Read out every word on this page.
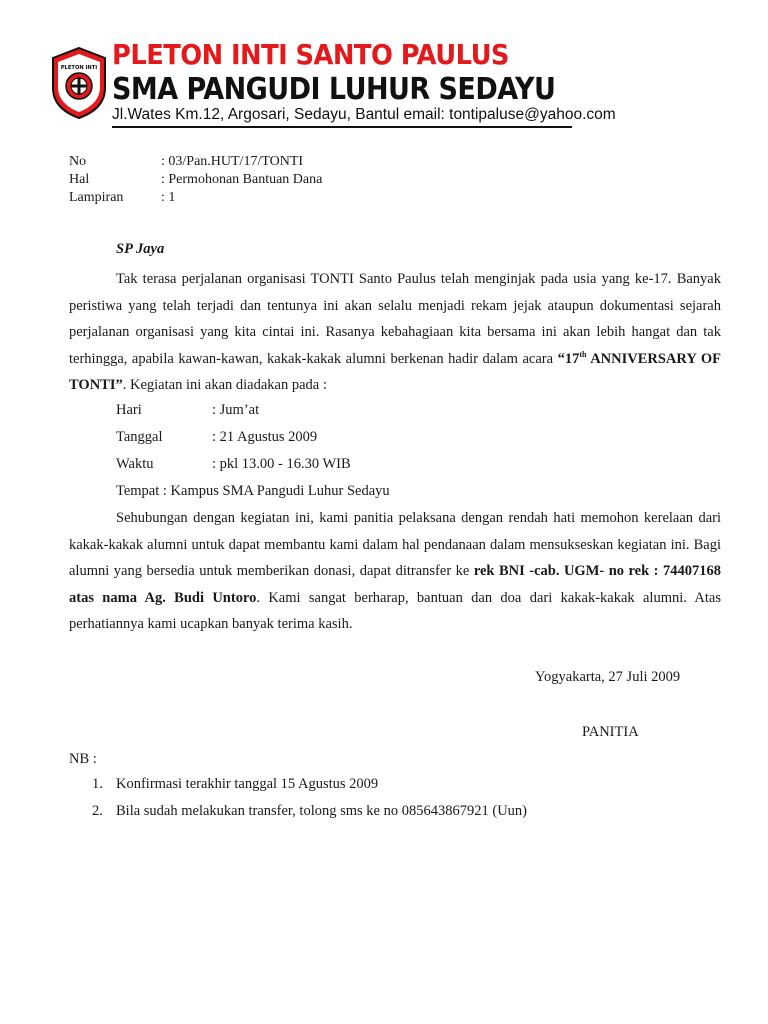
PLETON INTI PLETON INTI SANTO PAULUS
SMA PANGUDI LUHUR SEDAYU
Jl.Wates Km.12, Argosari, Sedayu, Bantul email: tontipaluse@yahoo.com
No	: 03/Pan.HUT/17/TONTI
Hal	: Permohonan Bantuan Dana
Lampiran	: 1
SP Jaya

Tak terasa perjalanan organisasi TONTI Santo Paulus telah menginjak pada usia yang ke-17. Banyak peristiwa yang telah terjadi dan tentunya ini akan selalu menjadi rekam jejak ataupun dokumentasi sejarah perjalanan organisasi yang kita cintai ini. Rasanya kebahagiaan kita bersama ini akan lebih hangat dan tak terhingga, apabila kawan-kawan, kakak-kakak alumni berkenan hadir dalam acara “17th ANNIVERSARY OF TONTI”. Kegiatan ini akan diadakan pada :

Hari	: Jum’at
Tanggal	: 21 Agustus 2009
Waktu	: pkl 13.00 - 16.30 WIB
Tempat : Kampus SMA Pangudi Luhur Sedayu

Sehubungan dengan kegiatan ini, kami panitia pelaksana dengan rendah hati memohon kerelaan dari kakak-kakak alumni untuk dapat membantu kami dalam hal pendanaan dalam mensukseskan kegiatan ini. Bagi alumni yang bersedia untuk memberikan donasi, dapat ditransfer ke rek BNI -cab. UGM- no rek : 74407168 atas nama Ag. Budi Untoro. Kami sangat berharap, bantuan dan doa dari kakak-kakak alumni. Atas perhatiannya kami ucapkan banyak terima kasih.

Yogyakarta, 27 Juli 2009
PANITIA
NB :
1. Konfirmasi terakhir tanggal 15 Agustus 2009
2. Bila sudah melakukan transfer, tolong sms ke no 085643867921 (Uun)
